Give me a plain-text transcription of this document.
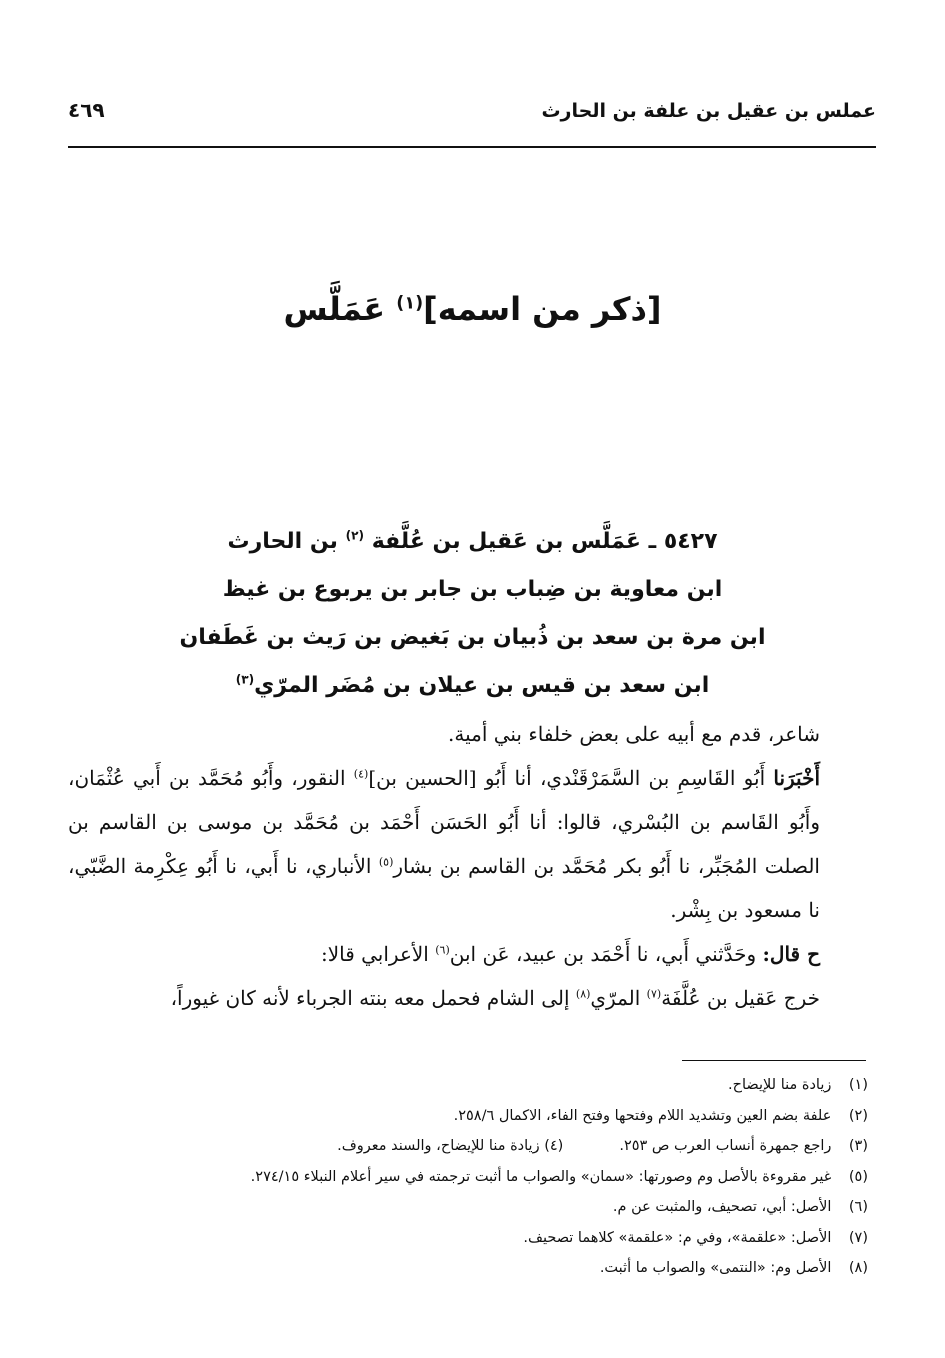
عملس بن عقيل بن علفة بن الحارث
٤٦٩
[ذكر من اسمه]$^{(١)}$ عَمَلَّس
٥٤٢٧ ـ عَمَلَّس بن عَقيل بن عُلَّفة $^{(٢)}$ بن الحارث
ابن معاوية بن ضِباب بن جابر بن يربوع بن غيظ
ابن مرة بن سعد بن ذُبيان بن بَغيض بن رَيث بن غَطَفان
ابن سعد بن قيس بن عيلان بن مُضَر المرّي$^{(٣)}$

شاعر، قدم مع أبيه على بعض خلفاء بني أمية.

أَخْبَرَنا أَبُو القَاسِمِ بن السَّمَرْقَنْدي، أنا أَبُو [الحسين بن]$^{(٤)}$ النقور، وأَبُو مُحَمَّد بن أَبي عُثْمَان، وأَبُو القَاسم بن البُسْري، قالوا: أنا أَبُو الحَسَن أَحْمَد بن مُحَمَّد بن موسى بن القاسم بن الصلت المُجَبِّر، نا أَبُو بكر مُحَمَّد بن القاسم بن بشار$^{(٥)}$ الأنباري، نا أَبي، نا أَبُو عِكْرِمة الضَّبّي، نا مسعود بن بِشْر.

ح قال: وحَدَّثني أَبي، نا أَحْمَد بن عبيد، عَن ابن$^{(٦)}$ الأعرابي قالا:

خرج عَقيل بن عُلَّفَة$^{(٧)}$ المرّي$^{(٨)}$ إلى الشام فحمل معه بنته الجرباء لأنه كان غيوراً،

(١) زيادة منا للإيضاح.
(٢) علفة بضم العين وتشديد اللام وفتحها وفتح الفاء، الاكمال ٢٥٨/٦.
(٣) راجع جمهرة أنساب العرب ص ٢٥٣.(٤) زيادة منا للإيضاح، والسند معروف.
(٥) غير مقروءة بالأصل وم وصورتها: «سمان» والصواب ما أثبت ترجمته في سير أعلام النبلاء ٢٧٤/١٥.
(٦) الأصل: أبي، تصحيف، والمثبت عن م.
(٧) الأصل: «علقمة»، وفي م: «علقمة» كلاهما تصحيف.
(٨) الأصل وم: «النتمى» والصواب ما أثبت.
